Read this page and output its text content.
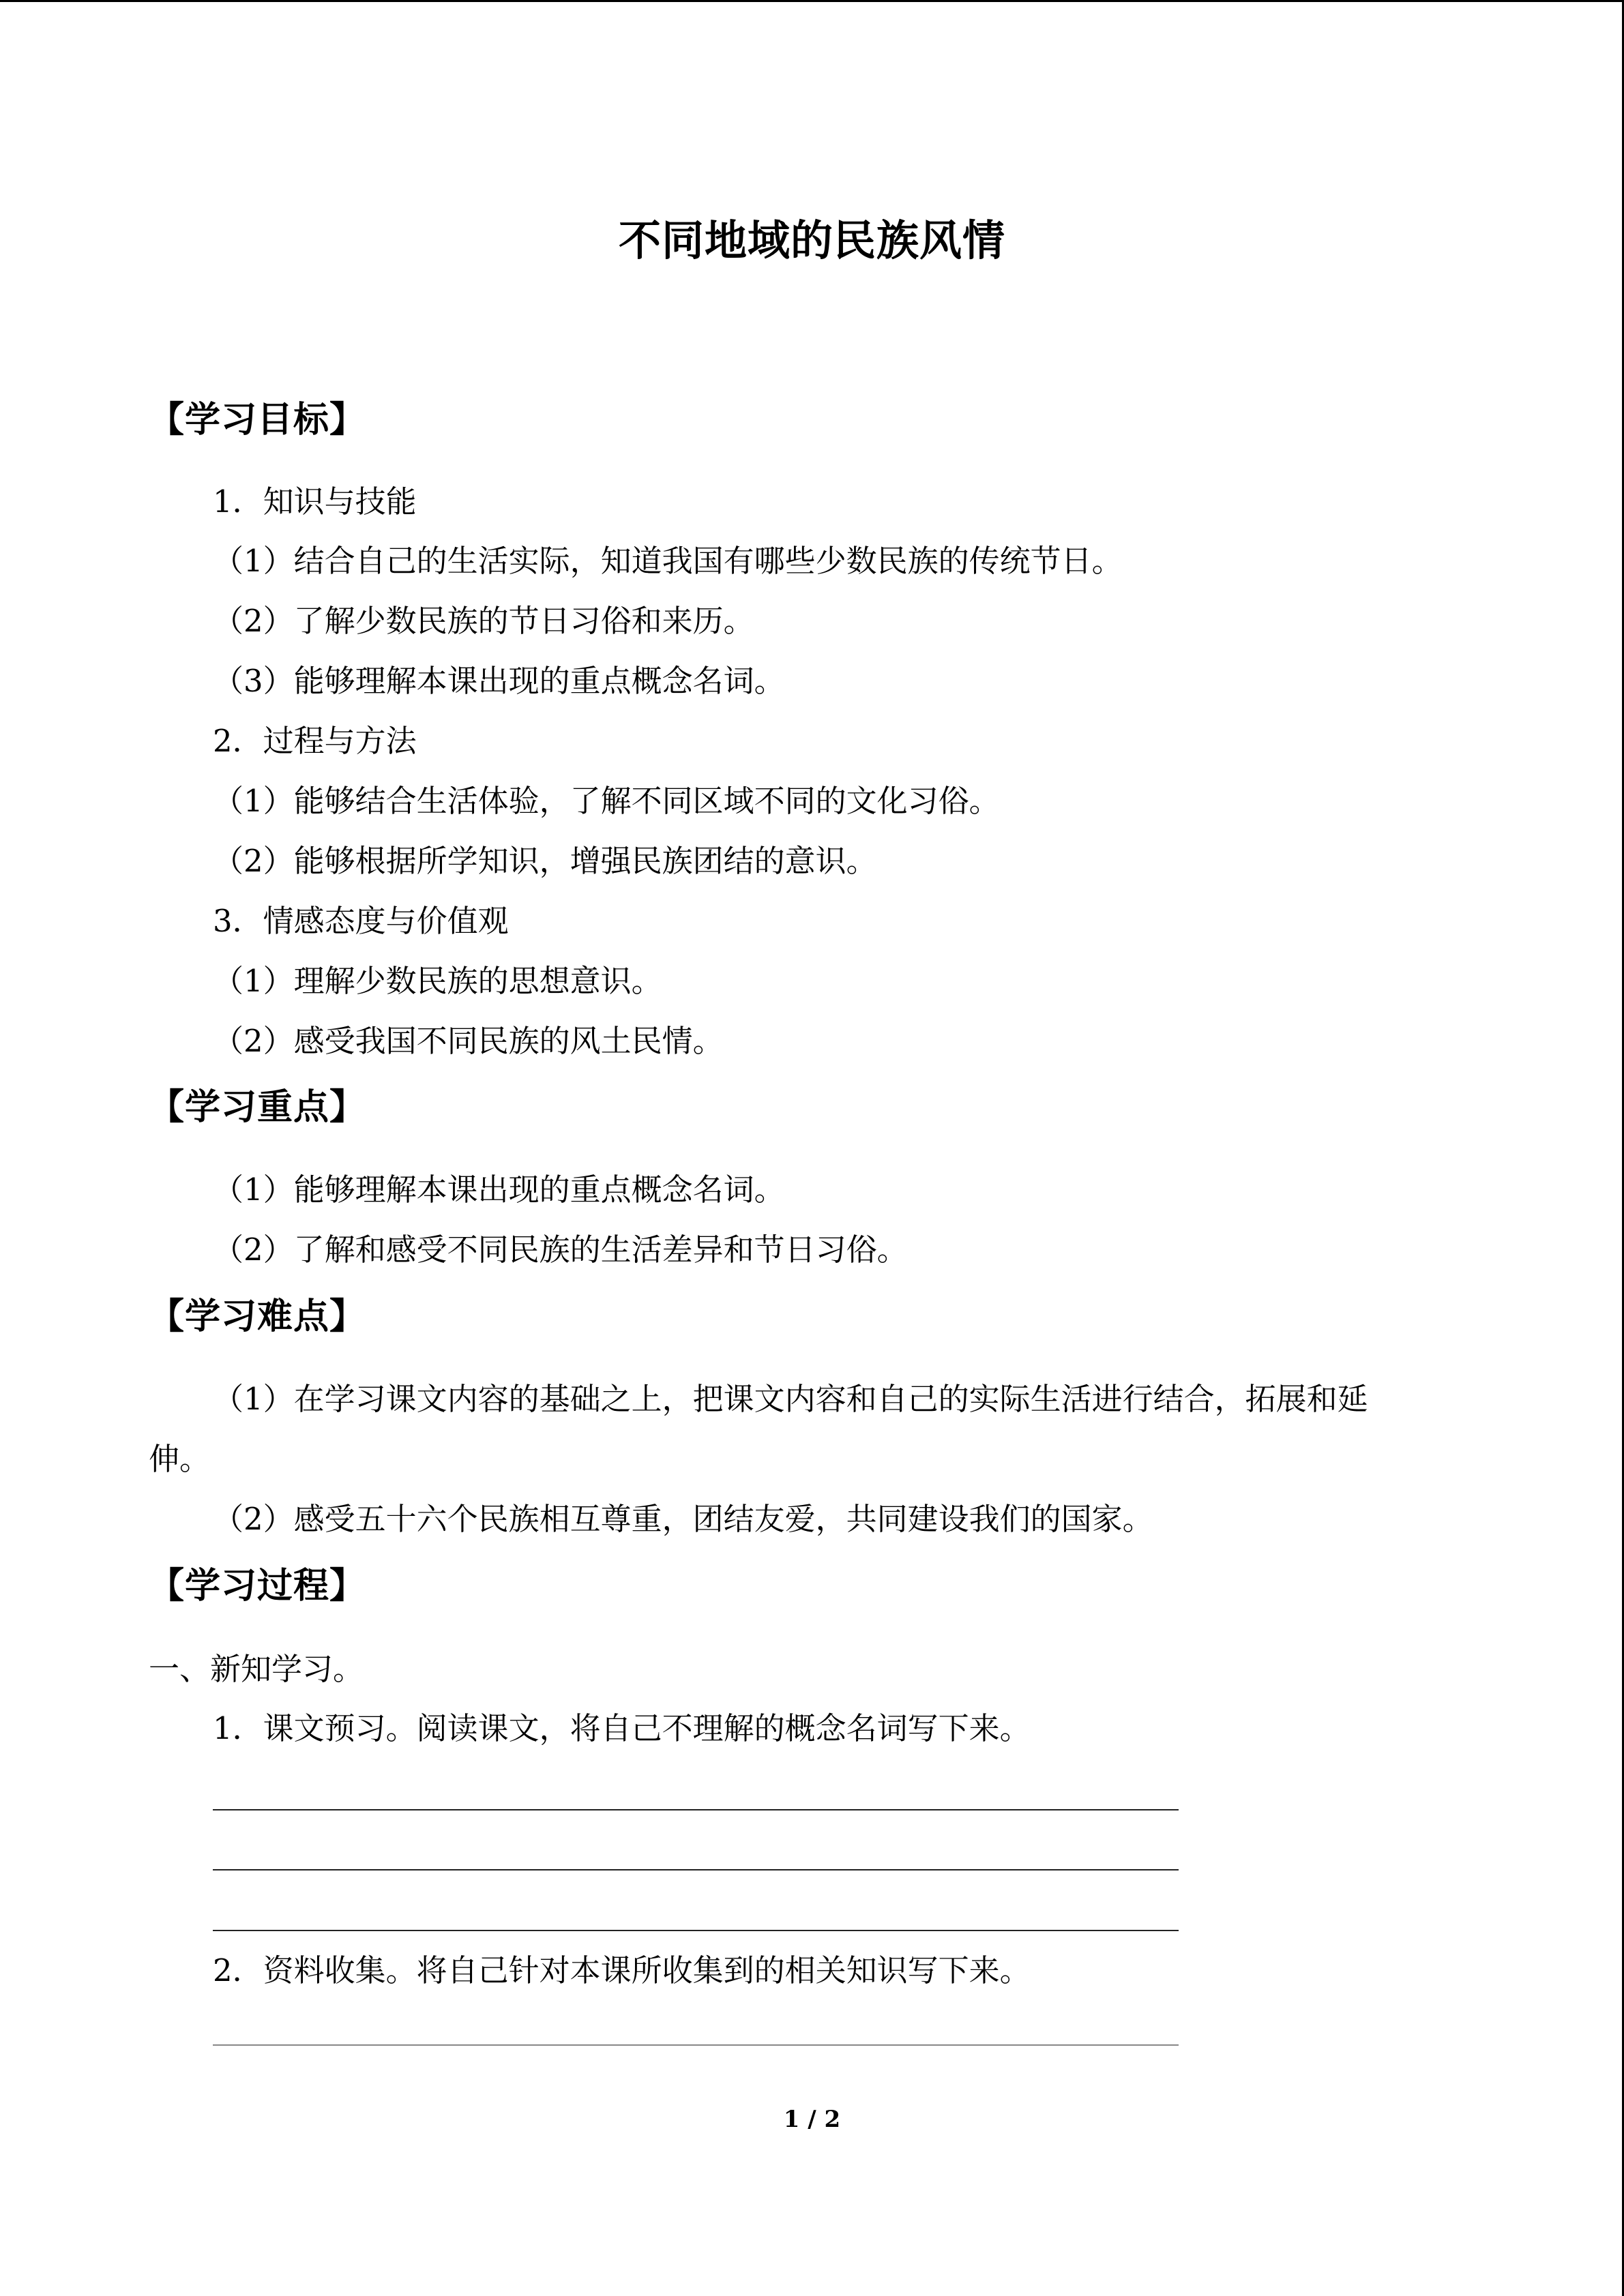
不同地域的民族风情
【学习目标】
1．知识与技能
（1）结合自己的生活实际，知道我国有哪些少数民族的传统节日。
（2）了解少数民族的节日习俗和来历。
（3）能够理解本课出现的重点概念名词。
2．过程与方法
（1）能够结合生活体验，了解不同区域不同的文化习俗。
（2）能够根据所学知识，增强民族团结的意识。
3．情感态度与价值观
（1）理解少数民族的思想意识。
（2）感受我国不同民族的风土民情。
【学习重点】
（1）能够理解本课出现的重点概念名词。
（2）了解和感受不同民族的生活差异和节日习俗。
【学习难点】
（1）在学习课文内容的基础之上，把课文内容和自己的实际生活进行结合，拓展和延
伸。
（2）感受五十六个民族相互尊重，团结友爱，共同建设我们的国家。
【学习过程】
一、新知学习。
1．课文预习。阅读课文，将自己不理解的概念名词写下来。
2．资料收集。将自己针对本课所收集到的相关知识写下来。
1 / 2
